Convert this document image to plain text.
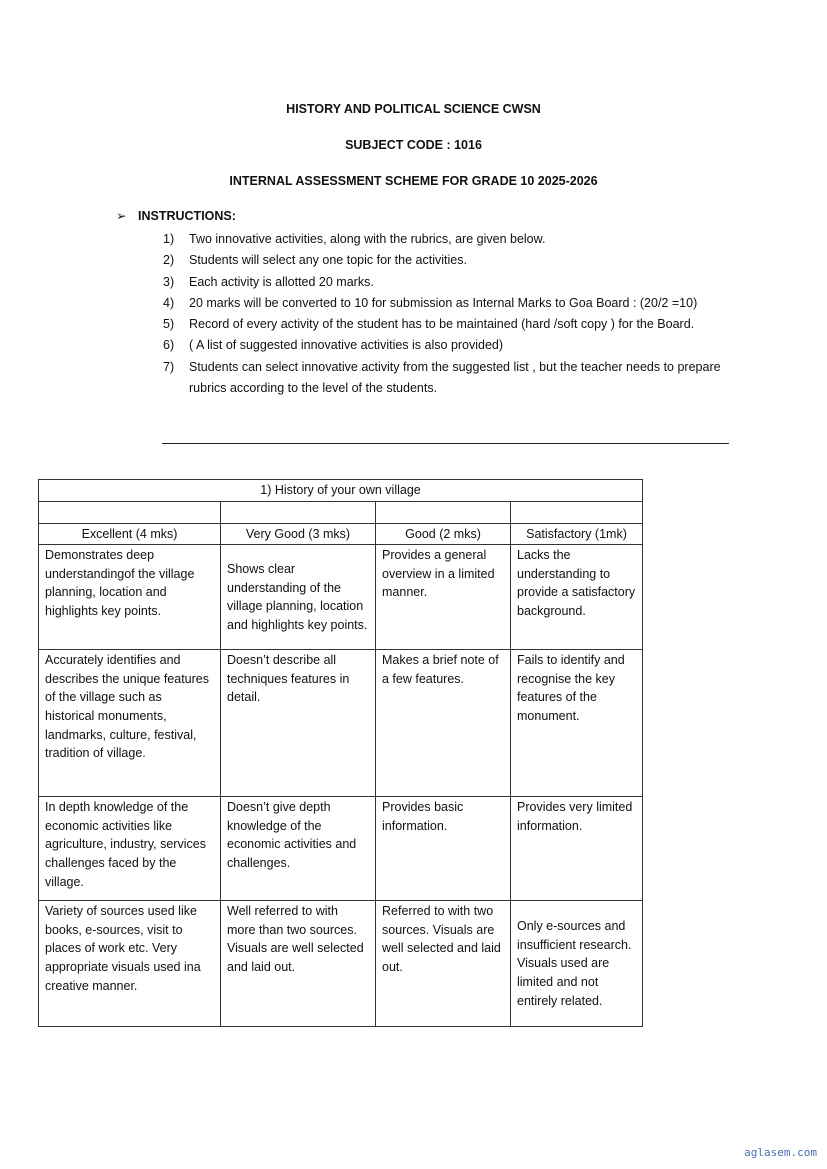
HISTORY AND POLITICAL SCIENCE CWSN
SUBJECT CODE : 1016
INTERNAL ASSESSMENT SCHEME FOR GRADE 10 2025-2026
➢ INSTRUCTIONS:
1)	Two innovative activities, along with the rubrics, are given below.
2)	Students will select any one topic for the activities.
3)	Each activity is allotted 20 marks.
4)	20 marks will be converted to 10 for submission as Internal Marks to Goa Board : (20/2 =10)
5)	Record of every activity of the student has to be maintained (hard /soft copy ) for the Board.
6)	( A list of suggested innovative activities is also provided)
7)	Students can select innovative activity from the suggested list , but the teacher needs to prepare rubrics according to the level of the students.
1) History of your own village			

Excellent (4 mks)	Very Good (3 mks)	Good (2 mks)	Satisfactory (1mk)
Demonstrates deep understandingof the village planning, location and highlights key points.	Shows clear understanding of the village planning, location and highlights key points.	Provides a general overview in a limited manner.	Lacks the understanding to provide a satisfactory background.
Accurately identifies and describes the unique features of the village such as historical monuments, landmarks, culture, festival, tradition of village.	Doesn’t describe all techniques features in detail.	Makes a brief note of a few features.	Fails to identify and recognise the key features of the monument.
In depth knowledge of the economic activities like agriculture, industry, services challenges faced by the village.	Doesn’t give depth knowledge of the economic activities and challenges.	Provides basic information.	Provides very limited information.
Variety of sources used like books, e-sources, visit to places of work etc. Very appropriate visuals used ina creative manner.	Well referred to with more than two sources. Visuals are well selected and laid out.	Referred to with two sources. Visuals are well selected and laid out.	Only e-sources and insufficient research. Visuals used are limited and not entirely related.
aglasem.com
